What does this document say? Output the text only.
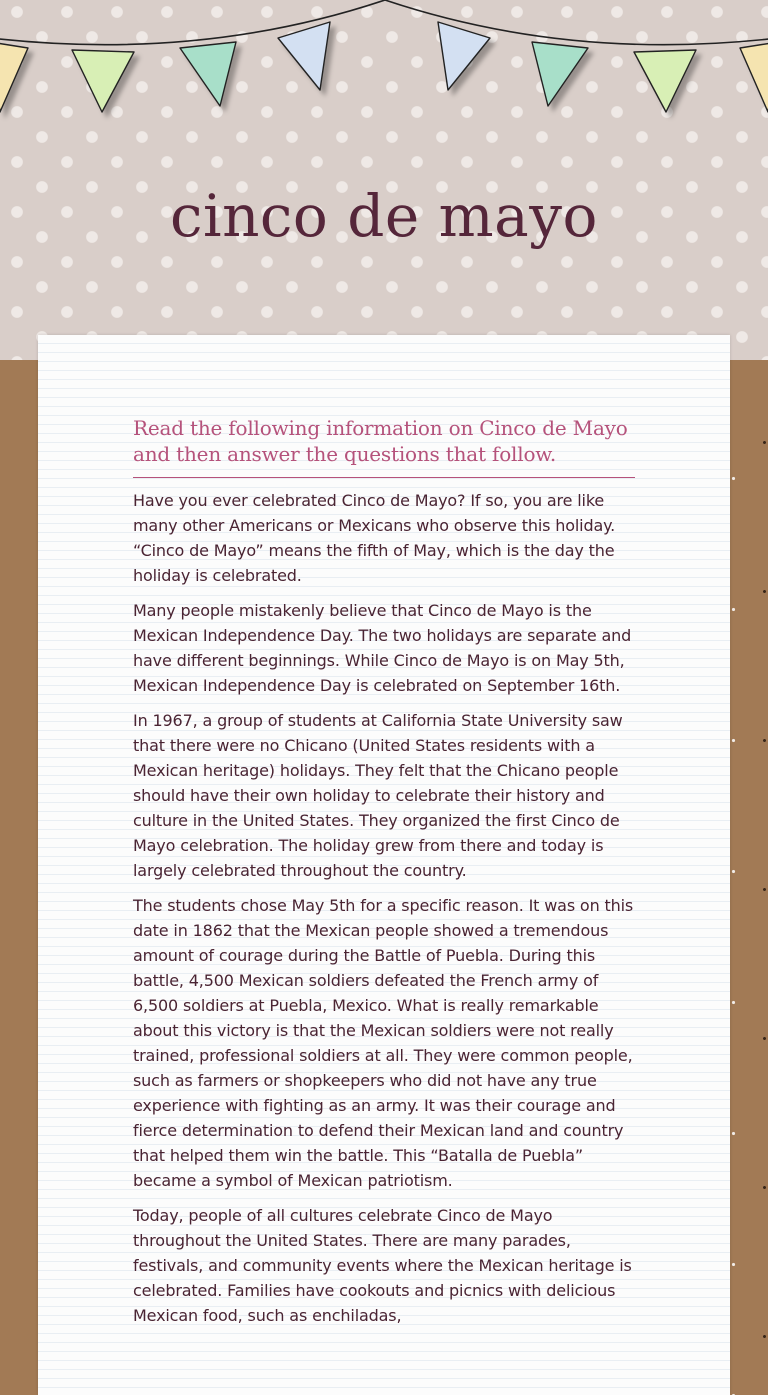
cinco de mayo

Read the following information on Cinco de Mayo and then answer the questions that follow.

Have you ever celebrated Cinco de Mayo? If so, you are like many other Americans or Mexicans who observe this holiday. “Cinco de Mayo” means the fifth of May, which is the day the holiday is celebrated.

Many people mistakenly believe that Cinco de Mayo is the Mexican Independence Day. The two holidays are separate and have different beginnings. While Cinco de Mayo is on May 5th, Mexican Independence Day is celebrated on September 16th.

In 1967, a group of students at California State University saw that there were no Chicano (United States residents with a Mexican heritage) holidays. They felt that the Chicano people should have their own holiday to celebrate their history and culture in the United States. They organized the first Cinco de Mayo celebration. The holiday grew from there and today is largely celebrated throughout the country.

The students chose May 5th for a specific reason. It was on this date in 1862 that the Mexican people showed a tremendous amount of courage during the Battle of Puebla. During this battle, 4,500 Mexican soldiers defeated the French army of 6,500 soldiers at Puebla, Mexico. What is really remarkable about this victory is that the Mexican soldiers were not really trained, professional soldiers at all. They were common people, such as farmers or shopkeepers who did not have any true experience with fighting as an army. It was their courage and fierce determination to defend their Mexican land and country that helped them win the battle. This “Batalla de Puebla” became a symbol of Mexican patriotism.

Today, people of all cultures celebrate Cinco de Mayo throughout the United States. There are many parades, festivals, and community events where the Mexican heritage is celebrated. Families have cookouts and picnics with delicious Mexican food, such as enchiladas,
